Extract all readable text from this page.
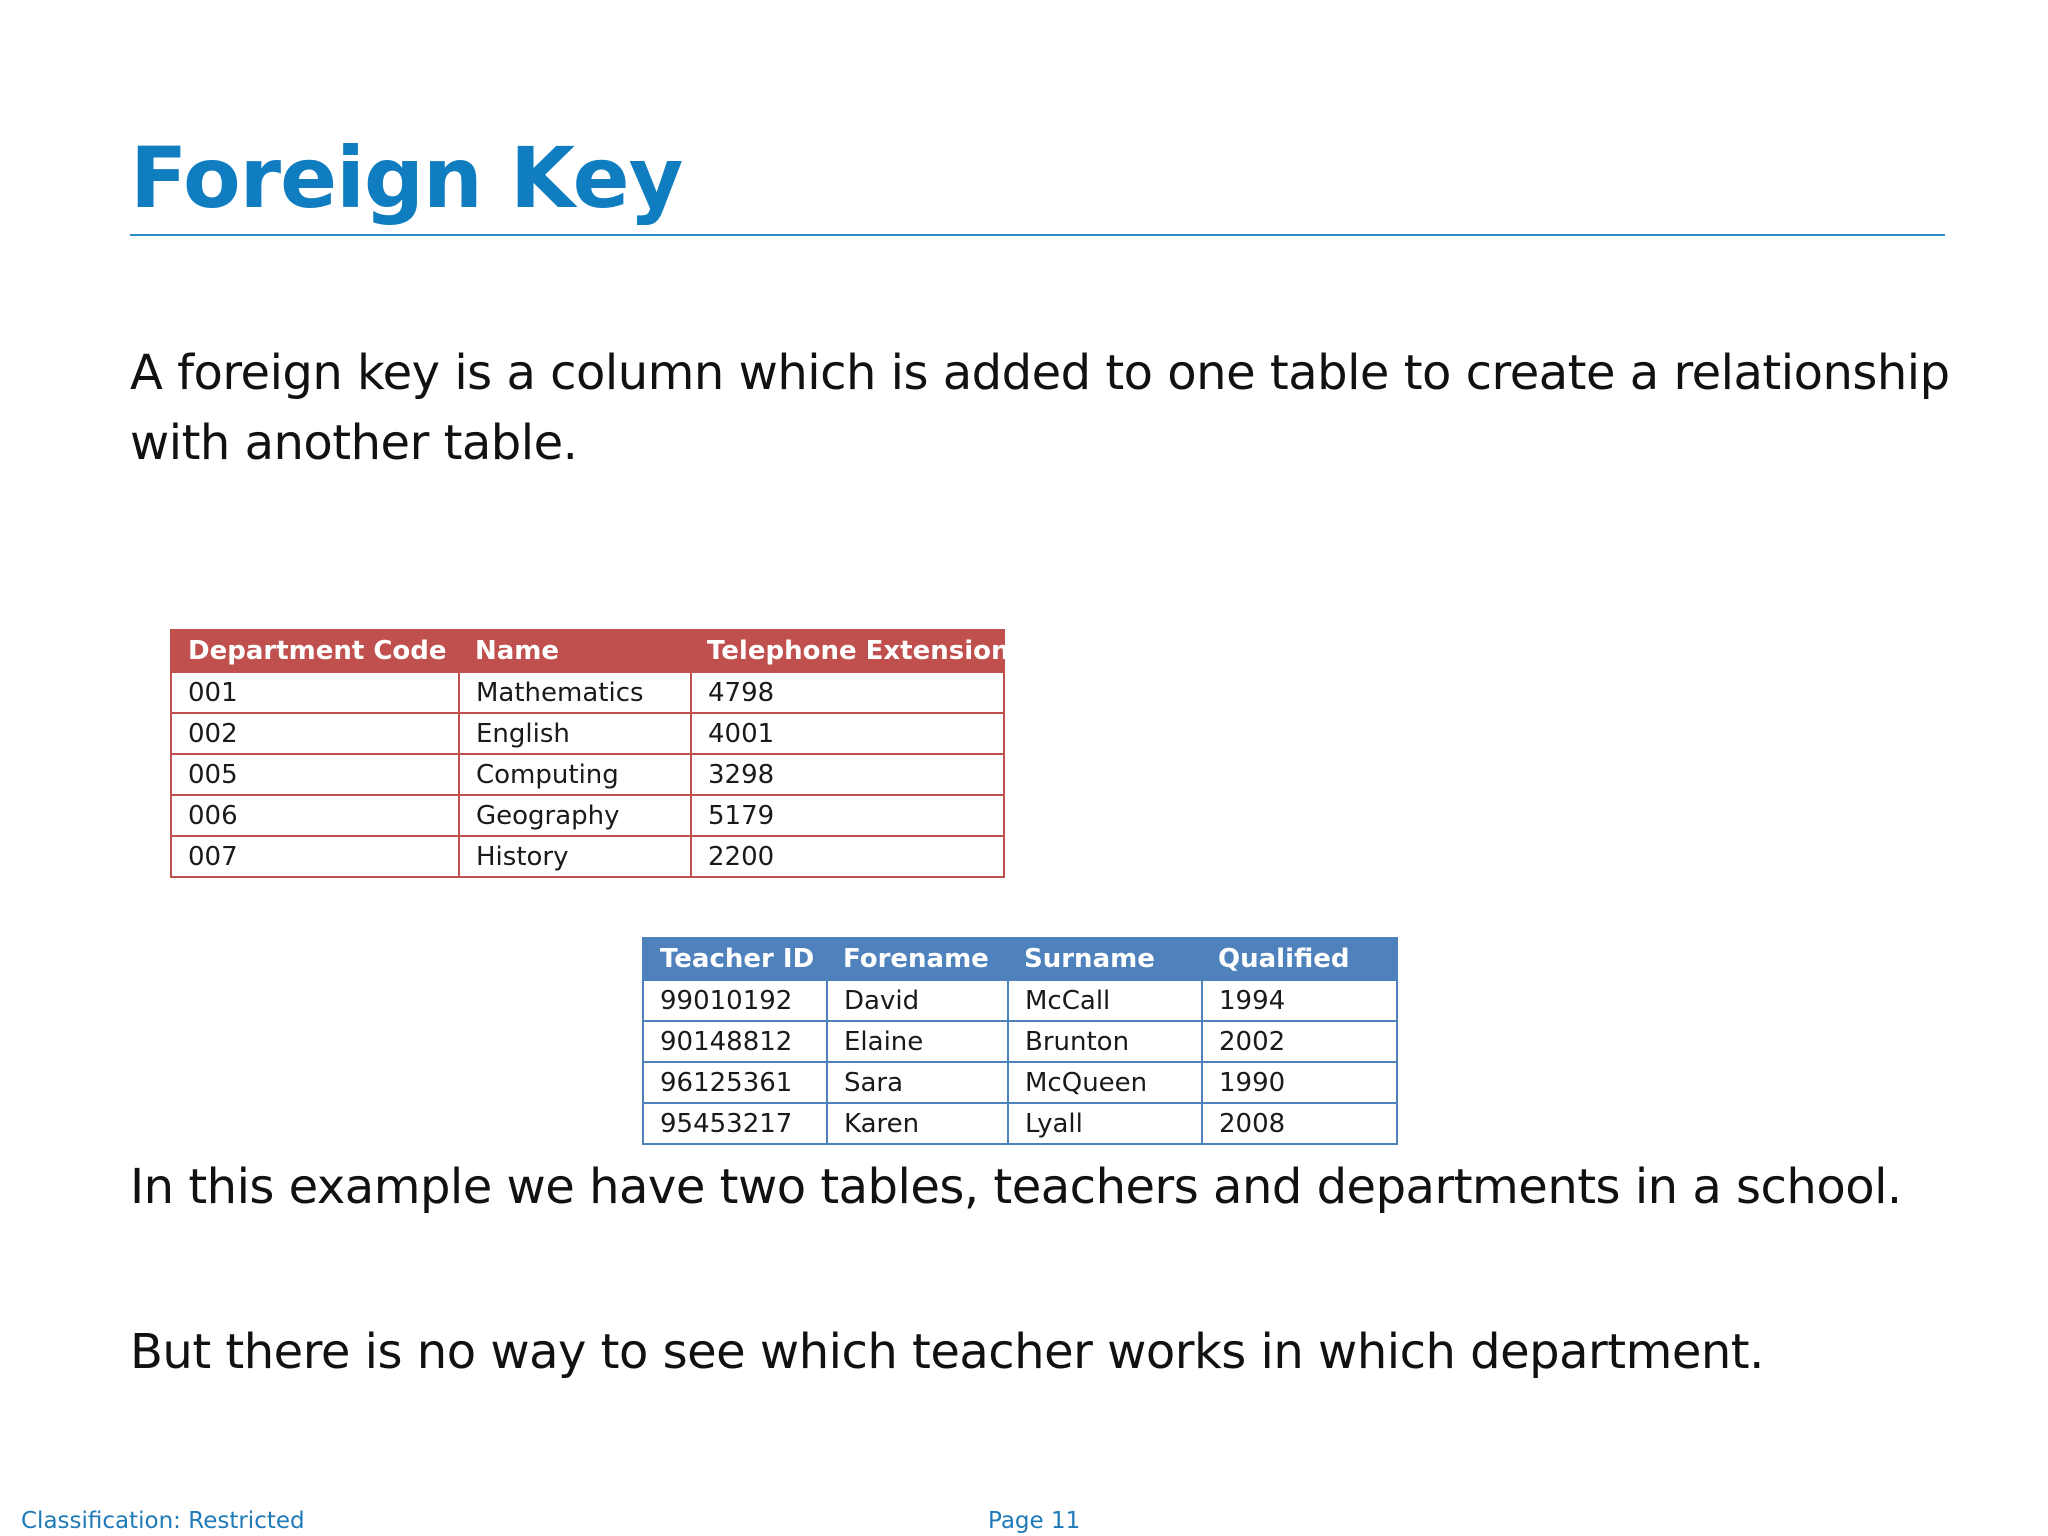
Foreign Key

A foreign key is a column which is added to one table to create a relationship with another table.

Department Code	Name	Telephone Extension
001	Mathematics	4798
002	English	4001
005	Computing	3298
006	Geography	5179
007	History	2200
Teacher ID	Forename	Surname	Qualified
99010192	David	McCall	1994
90148812	Elaine	Brunton	2002
96125361	Sara	McQueen	1990
95453217	Karen	Lyall	2008

In this example we have two tables, teachers and departments in a school.

But there is no way to see which teacher works in which department.

Classification: Restricted	Page 11
